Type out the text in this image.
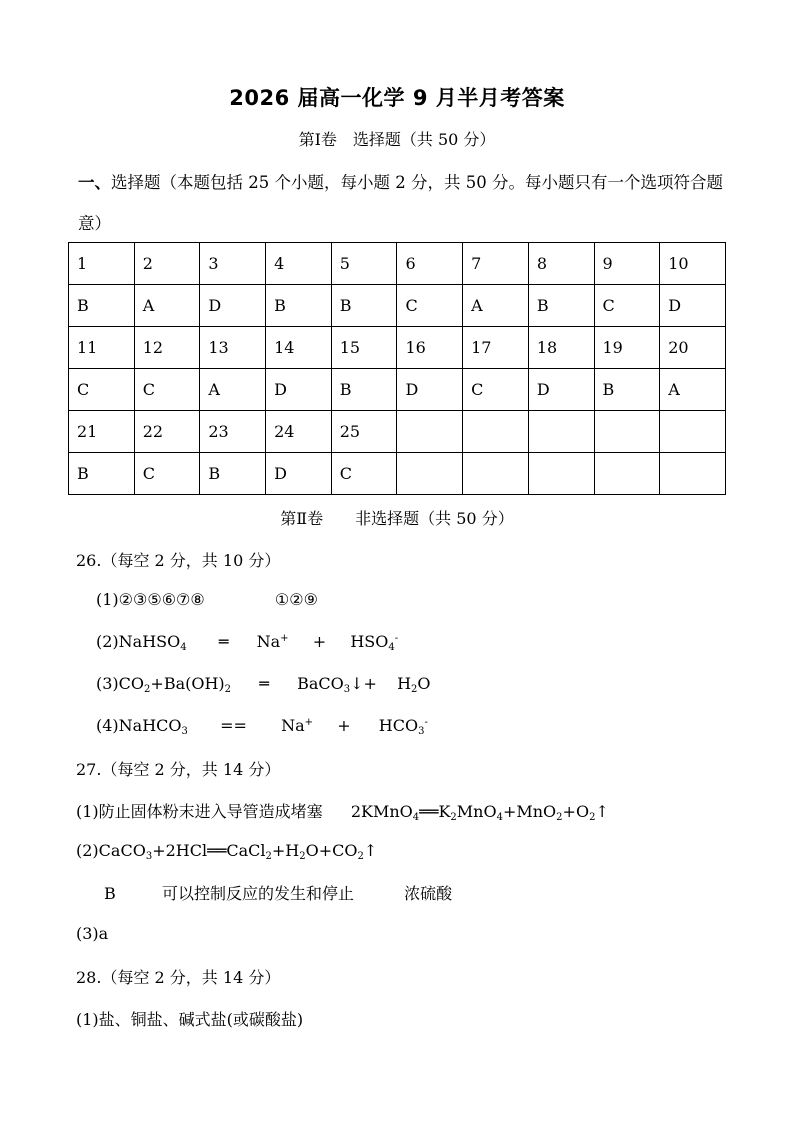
2026 届高一化学 9 月半月考答案
第Ⅰ卷　选择题（共 50 分）
一、选择题（本题包括 25 个小题，每小题 2 分，共 50 分。每小题只有一个选项符合题意）
1	2	3	4	5	6	7	8	9	10
B	A	D	B	B	C	A	B	C	D
11	12	13	14	15	16	17	18	19	20
C	C	A	D	B	D	C	D	B	A
21	22	23	24	25					
B	C	B	D	C					
第Ⅱ卷　　非选择题（共 50 分）
26.（每空 2 分，共 10 分）
(1)②③⑤⑥⑦⑧	①②⑨
(2)NaHSO$_4$ ═ $Na^+ + HSO_4^-$
$(3)CO_2+Ba(OH)_2$ ═ BaCO$_3$↓+ $H_2O$
(4)NaHCO$_3$ == $Na^+ + HCO_3^-$
27.（每空 2 分，共 14 分）
(1)防止固体粉末进入导管造成堵塞 $2KMnO_4══K_2MnO_4+MnO_2+O_2↑$
$(2)CaCO_3+2HCl══CaCl_2+H_2O+CO_2↑$
B	可以控制反应的发生和停止	浓硫酸
(3)a
28.（每空 2 分，共 14 分）
(1)盐、铜盐、碱式盐(或碳酸盐)
